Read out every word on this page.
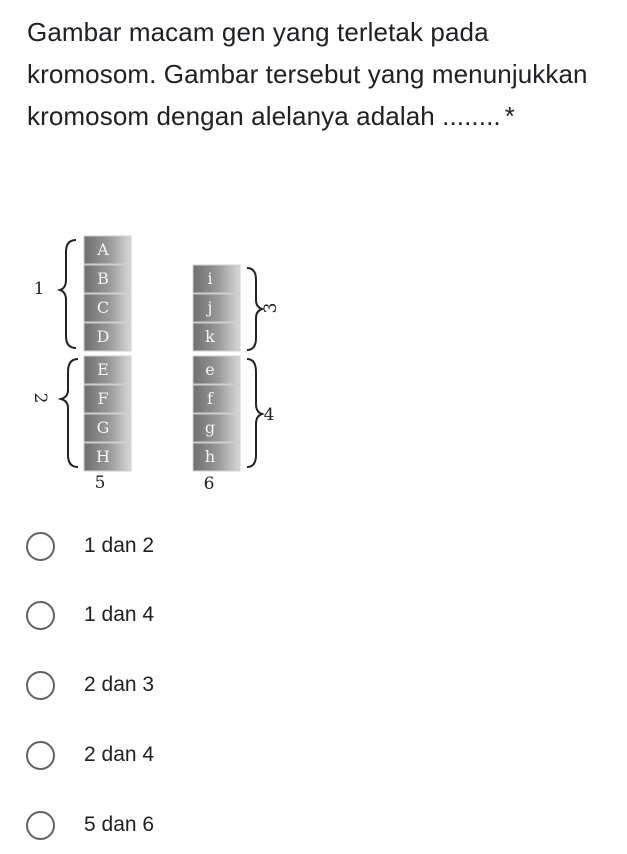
Gambar macam gen yang terletak pada kromosom. Gambar tersebut yang menunjukkan kromosom dengan alelanya adalah ........ *
A
B
C
D
E
F
G
H
5
i
j
k
e
f
g
h
6
1
2
3
4
1 dan 2
1 dan 4
2 dan 3
2 dan 4
5 dan 6
